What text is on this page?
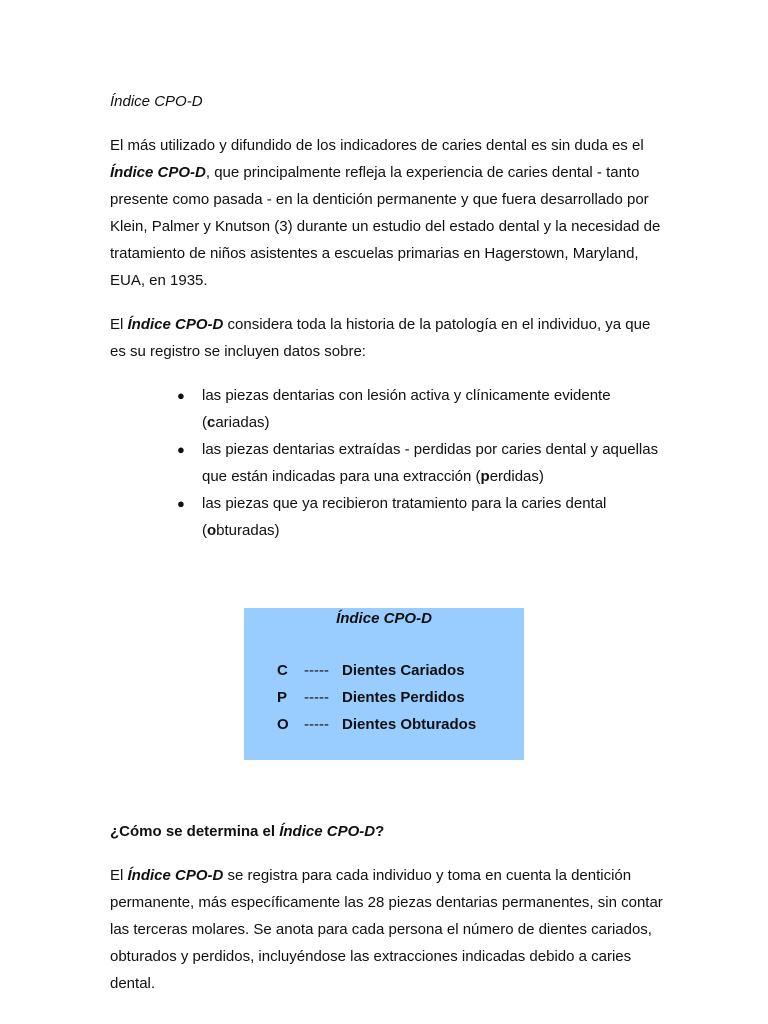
Índice CPO-D

El más utilizado y difundido de los indicadores de caries dental es sin duda es el Índice CPO-D, que principalmente refleja la experiencia de caries dental - tanto presente como pasada - en la dentición permanente y que fuera desarrollado por Klein, Palmer y Knutson (3) durante un estudio del estado dental y la necesidad de tratamiento de niños asistentes a escuelas primarias en Hagerstown, Maryland, EUA, en 1935.

El Índice CPO-D considera toda la historia de la patología en el individuo, ya que es su registro se incluyen datos sobre:

● las piezas dentarias con lesión activa y clínicamente evidente (cariadas)
● las piezas dentarias extraídas - perdidas por caries dental y aquellas que están indicadas para una extracción (perdidas)
● las piezas que ya recibieron tratamiento para la caries dental (obturadas)
Índice CPO-D
C ----- Dientes Cariados
P ----- Dientes Perdidos
O ----- Dientes Obturados

¿Cómo se determina el Índice CPO-D?

El Índice CPO-D se registra para cada individuo y toma en cuenta la dentición permanente, más específicamente las 28 piezas dentarias permanentes, sin contar las terceras molares. Se anota para cada persona el número de dientes cariados, obturados y perdidos, incluyéndose las extracciones indicadas debido a caries dental.
